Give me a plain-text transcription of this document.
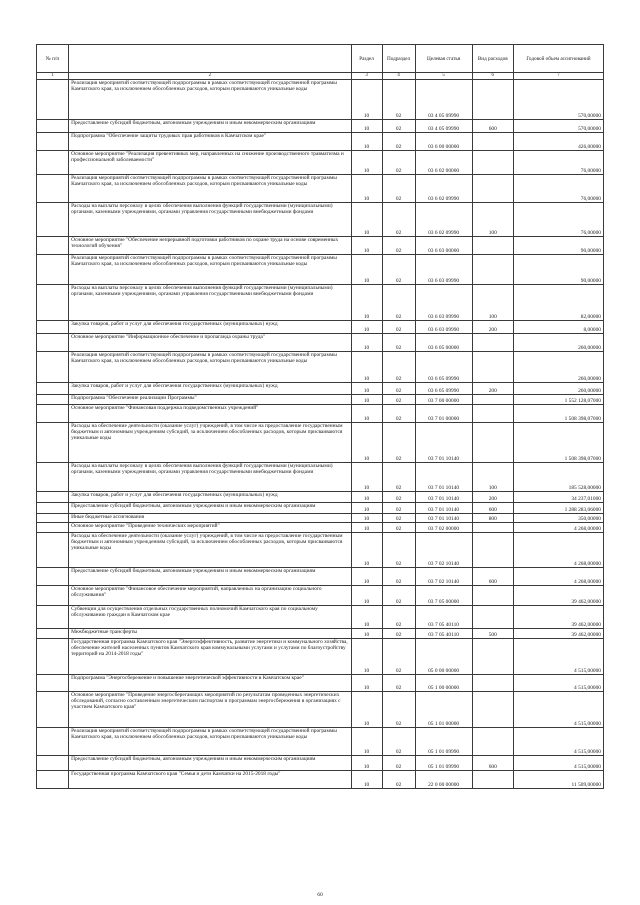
№ п/п		Раздел	Подраздел	Целевая статья	Вид расходов	Годовой объем ассигнований
1	2	3	4	5	6	7
	Реализация мероприятий соответствующей подпрограммы в рамках соответствующей государственной программы Камчатского края, за исключением обособленных расходов, которым присваиваются уникальные коды	10	02	03 4 05 09990		570,00000
	Предоставление субсидий бюджетным, автономным учреждениям и иным некоммерческим организациям	10	02	03 4 05 09990	600	570,00000
	Подпрограмма "Обеспечение защиты трудовых прав работников в Камчатском крае"	10	02	03 6 00 00000		426,00000
	Основное мероприятие "Реализация превентивных мер, направленных на снижение производственного травматизма и профессиональной заболеваемости"	10	02	03 6 02 00000		76,00000
	Реализация мероприятий соответствующей подпрограммы в рамках соответствующей государственной программы Камчатского края, за исключением обособленных расходов, которым присваиваются уникальные коды	10	02	03 6 02 09990		76,00000
	Расходы на выплаты персоналу в целях обеспечения выполнения функций государственными (муниципальными) органами, казенными учреждениями, органами управления государственными внебюджетными фондами	10	02	03 6 02 09990	100	76,00000
	Основное мероприятие "Обеспечение непрерывной подготовки работников по охране труда на основе современных технологий обучения"	10	02	03 6 03 00000		90,00000
	Реализация мероприятий соответствующей подпрограммы в рамках соответствующей государственной программы Камчатского края, за исключением обособленных расходов, которым присваиваются уникальные коды	10	02	03 6 03 09990		90,00000
	Расходы на выплаты персоналу в целях обеспечения выполнения функций государственными (муниципальными) органами, казенными учреждениями, органами управления государственными внебюджетными фондами	10	02	03 6 03 09990	100	82,00000
	Закупка товаров, работ и услуг для обеспечения государственных (муниципальных) нужд	10	02	03 6 03 09990	200	8,00000
	Основное мероприятие "Информационное обеспечение и пропаганда охраны труда"	10	02	03 6 05 00000		260,00000
	Реализация мероприятий соответствующей подпрограммы в рамках соответствующей государственной программы Камчатского края, за исключением обособленных расходов, которым присваиваются уникальные коды	10	02	03 6 05 09990		260,00000
	Закупка товаров, работ и услуг для обеспечения государственных (муниципальных) нужд	10	02	03 6 05 09990	200	260,00000
	Подпрограмма "Обеспечение реализации Программы"	10	02	03 7 00 00000		1 552 128,07000
	Основное мероприятие "Финансовая поддержка подведомственных учреждений"	10	02	03 7 01 00000		1 508 398,07000
	Расходы на обеспечение деятельности (оказание услуг) учреждений, в том числе на предоставление государственным бюджетным и автономным учреждениям субсидий, за исключением обособленных расходов, которым присваиваются уникальные коды	10	02	03 7 01 10140		1 508 398,07000
	Расходы на выплаты персоналу в целях обеспечения выполнения функций государственными (муниципальными) органами, казенными учреждениями, органами управления государственными внебюджетными фондами	10	02	03 7 01 10140	100	185 528,00000
	Закупка товаров, работ и услуг для обеспечения государственных (муниципальных) нужд	10	02	03 7 01 10140	200	34 237,01000
	Предоставление субсидий бюджетным, автономным учреждениям и иным некоммерческим организациям	10	02	03 7 01 10140	600	1 288 283,06000
	Иные бюджетные ассигнования	10	02	03 7 01 10140	800	350,00000
	Основное мероприятие "Проведение технических мероприятий"	10	02	03 7 02 00000		4 268,00000
	Расходы на обеспечение деятельности (оказание услуг) учреждений, в том числе на предоставление государственным бюджетным и автономным учреждениям субсидий, за исключением обособленных расходов, которым присваиваются уникальные коды	10	02	03 7 02 10140		4 268,00000
	Предоставление субсидий бюджетным, автономным учреждениям и иным некоммерческим организациям	10	02	03 7 02 10140	600	4 268,00000
	Основное мероприятие "Финансовое обеспечение мероприятий, направленных на организацию социального обслуживания"	10	02	03 7 05 00000		39 462,00000
	Субвенции для осуществления отдельных государственных полномочий Камчатского края по социальному обслуживанию граждан в Камчатском крае	10	02	03 7 05 40110		39 462,00000
	Межбюджетные трансферты	10	02	03 7 05 40110	500	39 462,00000
	Государственная программа Камчатского края "Энергоэффективность, развитие энергетики и коммунального хозяйства, обеспечение жителей населенных пунктов Камчатского края коммунальными услугами и услугами по благоустройству территорий на 2014-2018 годы"	10	02	05 0 00 00000		4 515,00000
	Подпрограмма "Энергосбережение и повышение энергетической эффективности в Камчатском крае"	10	02	05 1 00 00000		4 515,00000
	Основное мероприятие "Проведение энергосберегающих мероприятий по результатам проведенных энергетических обследований, согласно составленным энергетическим паспортам и программам энергосбережения в организациях с участием Камчатского края"	10	02	05 1 01 00000		4 515,00000
	Реализация мероприятий соответствующей подпрограммы в рамках соответствующей государственной программы Камчатского края, за исключением обособленных расходов, которым присваиваются уникальные коды	10	02	05 1 01 09990		4 515,00000
	Предоставление субсидий бюджетным, автономным учреждениям и иным некоммерческим организациям	10	02	05 1 01 09990	600	4 515,00000
	Государственная программа Камчатского края "Семья и дети Камчатки на 2015-2018 годы"	10	02	22 0 00 00000		11 509,00000
60
